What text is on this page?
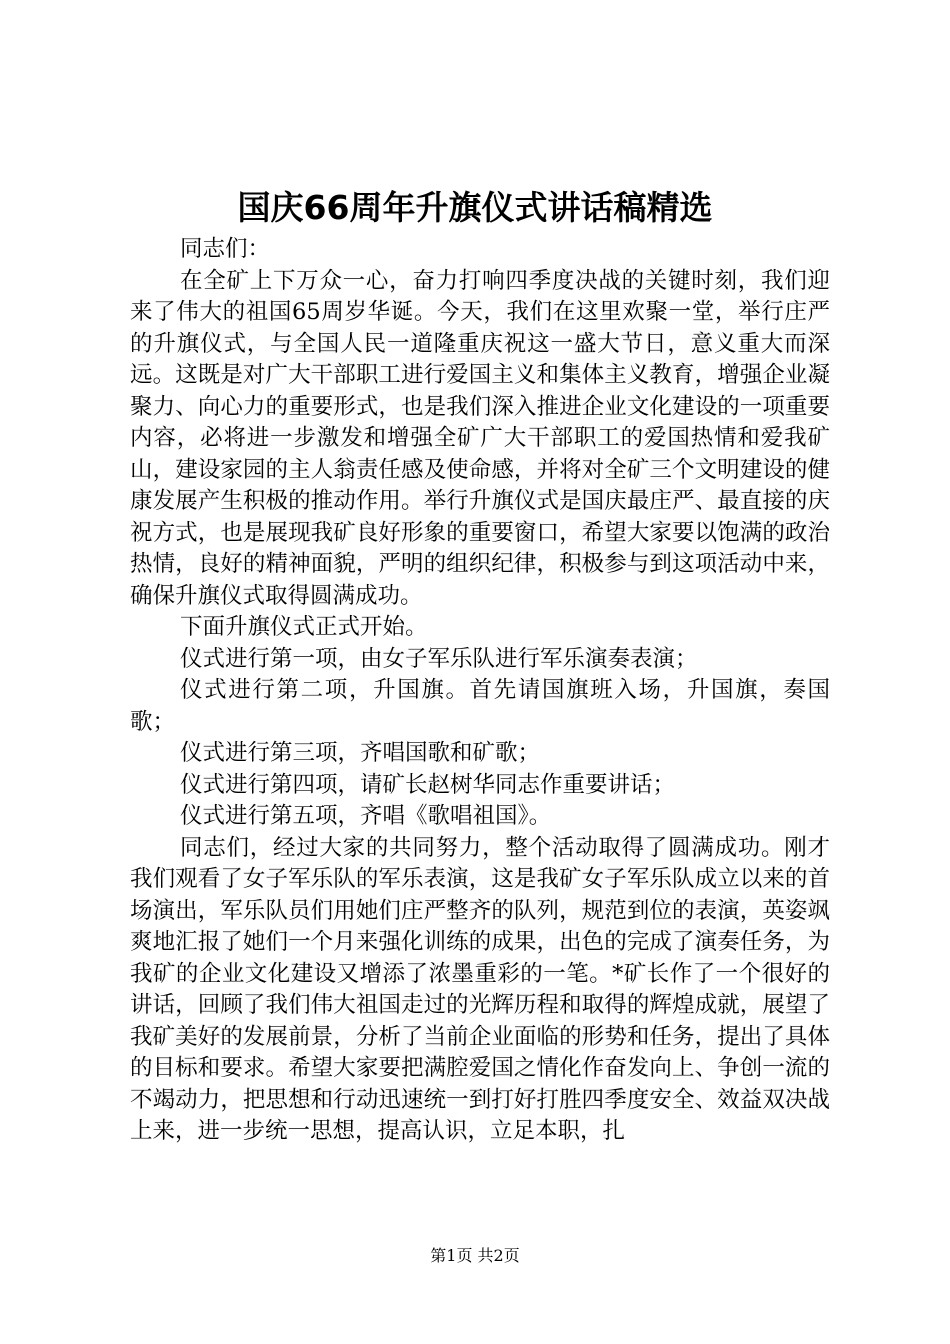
国庆66周年升旗仪式讲话稿精选

同志们：

在全矿上下万众一心，奋力打响四季度决战的关键时刻，我们迎来了伟大的祖国65周岁华诞。今天，我们在这里欢聚一堂，举行庄严的升旗仪式，与全国人民一道隆重庆祝这一盛大节日，意义重大而深远。这既是对广大干部职工进行爱国主义和集体主义教育，增强企业凝聚力、向心力的重要形式，也是我们深入推进企业文化建设的一项重要内容，必将进一步激发和增强全矿广大干部职工的爱国热情和爱我矿山，建设家园的主人翁责任感及使命感，并将对全矿三个文明建设的健康发展产生积极的推动作用。举行升旗仪式是国庆最庄严、最直接的庆祝方式，也是展现我矿良好形象的重要窗口，希望大家要以饱满的政治热情，良好的精神面貌，严明的组织纪律，积极参与到这项活动中来，确保升旗仪式取得圆满成功。

下面升旗仪式正式开始。

仪式进行第一项，由女子军乐队进行军乐演奏表演；

仪式进行第二项，升国旗。首先请国旗班入场，升国旗，奏国歌；

仪式进行第三项，齐唱国歌和矿歌；

仪式进行第四项，请矿长赵树华同志作重要讲话；

仪式进行第五项，齐唱《歌唱祖国》。

同志们，经过大家的共同努力，整个活动取得了圆满成功。刚才我们观看了女子军乐队的军乐表演，这是我矿女子军乐队成立以来的首场演出，军乐队员们用她们庄严整齐的队列，规范到位的表演，英姿飒爽地汇报了她们一个月来强化训练的成果，出色的完成了演奏任务，为我矿的企业文化建设又增添了浓墨重彩的一笔。*矿长作了一个很好的讲话，回顾了我们伟大祖国走过的光辉历程和取得的辉煌成就，展望了我矿美好的发展前景，分析了当前企业面临的形势和任务，提出了具体的目标和要求。希望大家要把满腔爱国之情化作奋发向上、争创一流的不竭动力，把思想和行动迅速统一到打好打胜四季度安全、效益双决战上来，进一步统一思想，提高认识，立足本职，扎

第1页 共2页
